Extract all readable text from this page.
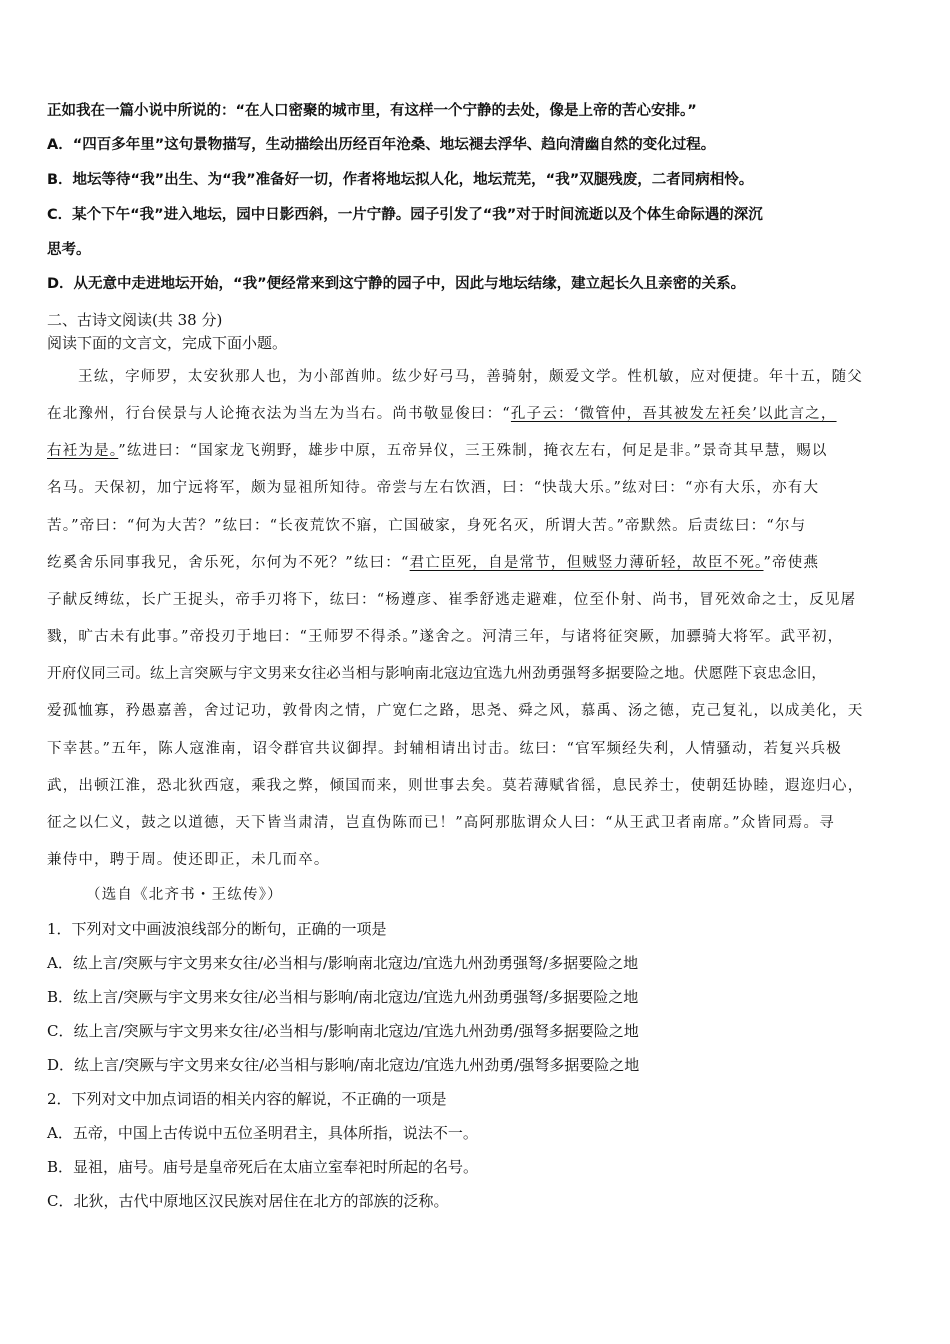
正如我在一篇小说中所说的：“在人口密聚的城市里，有这样一个宁静的去处，像是上帝的苦心安排。”
A．“四百多年里”这句景物描写，生动描绘出历经百年沧桑、地坛褪去浮华、趋向清幽自然的变化过程。
B．地坛等待“我”出生、为“我”准备好一切，作者将地坛拟人化，地坛荒芜，“我”双腿残废，二者同病相怜。
C．某个下午“我”进入地坛，园中日影西斜，一片宁静。园子引发了“我”对于时间流逝以及个体生命际遇的深沉
思考。
D．从无意中走进地坛开始，“我”便经常来到这宁静的园子中，因此与地坛结缘，建立起长久且亲密的关系。
二、古诗文阅读(共 38 分)
阅读下面的文言文，完成下面小题。
王纮，字师罗，太安狄那人也，为小部酋帅。纮少好弓马，善骑射，颇爱文学。性机敏，应对便捷。年十五，随父
在北豫州，行台侯景与人论掩衣法为当左为当右。尚书敬显俊曰：“孔子云：‘微管仲，吾其被发左衽矣’以此言之，
右衽为是。”纮进曰：“国家龙飞朔野，雄步中原，五帝异仪，三王殊制，掩衣左右，何足是非。”景奇其早慧，赐以
名马。天保初，加宁远将军，颇为显祖所知待。帝尝与左右饮酒，曰：“快哉大乐。”纮对曰：“亦有大乐，亦有大
苦。”帝曰：“何为大苦？”纮曰：“长夜荒饮不寤，亡国破家，身死名灭，所谓大苦。”帝默然。后责纮曰：“尔与
纥奚舍乐同事我兄，舍乐死，尔何为不死？”纮曰：“君亡臣死，自是常节，但贼竖力薄斫轻，故臣不死。”帝使燕
子献反缚纮，长广王捉头，帝手刃将下，纮曰：“杨遵彦、崔季舒逃走避难，位至仆射、尚书，冒死效命之士，反见屠
戮，旷古未有此事。”帝投刃于地曰：“王师罗不得杀。”遂舍之。河清三年，与诸将征突厥，加骠骑大将军。武平初，
开府仪同三司。纮上言突厥与宇文男来女往必当相与影响南北寇边宜选九州劲勇强弩多据要险之地。伏愿陛下哀忠念旧，
爱孤恤寡，矜愚嘉善，舍过记功，敦骨肉之情，广宽仁之路，思尧、舜之风，慕禹、汤之德，克己复礼，以成美化，天
下幸甚。”五年，陈人寇淮南，诏令群官共议御捍。封辅相请出讨击。纮曰：“官军频经失利，人情骚动，若复兴兵极
武，出顿江淮，恐北狄西寇，乘我之弊，倾国而来，则世事去矣。莫若薄赋省徭，息民养士，使朝廷协睦，遐迩归心，
征之以仁义，鼓之以道德，天下皆当肃清，岂直伪陈而已！”高阿那肱谓众人曰：“从王武卫者南席。”众皆同焉。寻
兼侍中，聘于周。使还即正，未几而卒。
（选自《北齐书・王纮传》）
1．下列对文中画波浪线部分的断句，正确的一项是
A．纮上言/突厥与宇文男来女往/必当相与/影响南北寇边/宜选九州劲勇强弩/多据要险之地
B．纮上言/突厥与宇文男来女往/必当相与影响/南北寇边/宜选九州劲勇强弩/多据要险之地
C．纮上言/突厥与宇文男来女往/必当相与/影响南北寇边/宜选九州劲勇/强弩多据要险之地
D．纮上言/突厥与宇文男来女往/必当相与影响/南北寇边/宜选九州劲勇/强弩多据要险之地
2．下列对文中加点词语的相关内容的解说，不正确的一项是
A．五帝，中国上古传说中五位圣明君主，具体所指，说法不一。
B．显祖，庙号。庙号是皇帝死后在太庙立室奉祀时所起的名号。
C．北狄，古代中原地区汉民族对居住在北方的部族的泛称。
